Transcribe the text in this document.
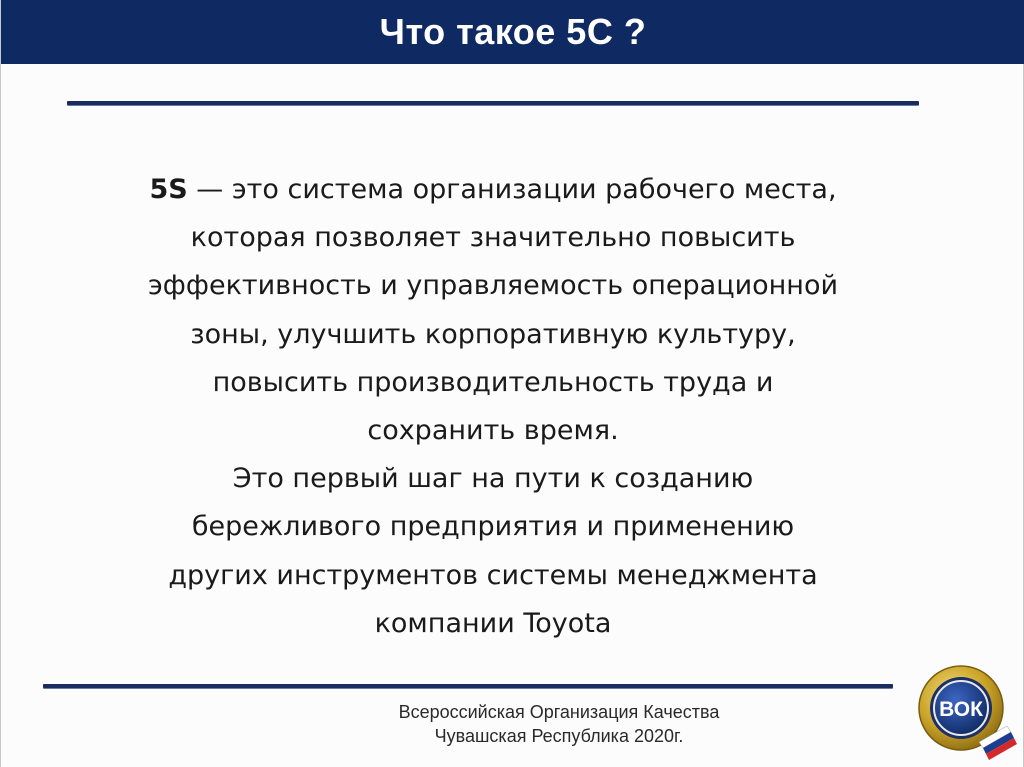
Что такое 5С ?
5S — это система организации рабочего места,
которая позволяет значительно повысить
эффективность и управляемость операционной
зоны, улучшить корпоративную культуру,
повысить производительность труда и
сохранить время.
Это первый шаг на пути к созданию
бережливого предприятия и применению
других инструментов системы менеджмента
компании Toyota
Всероссийская Организация Качества
Чувашская Республика 2020г.
ВОК
